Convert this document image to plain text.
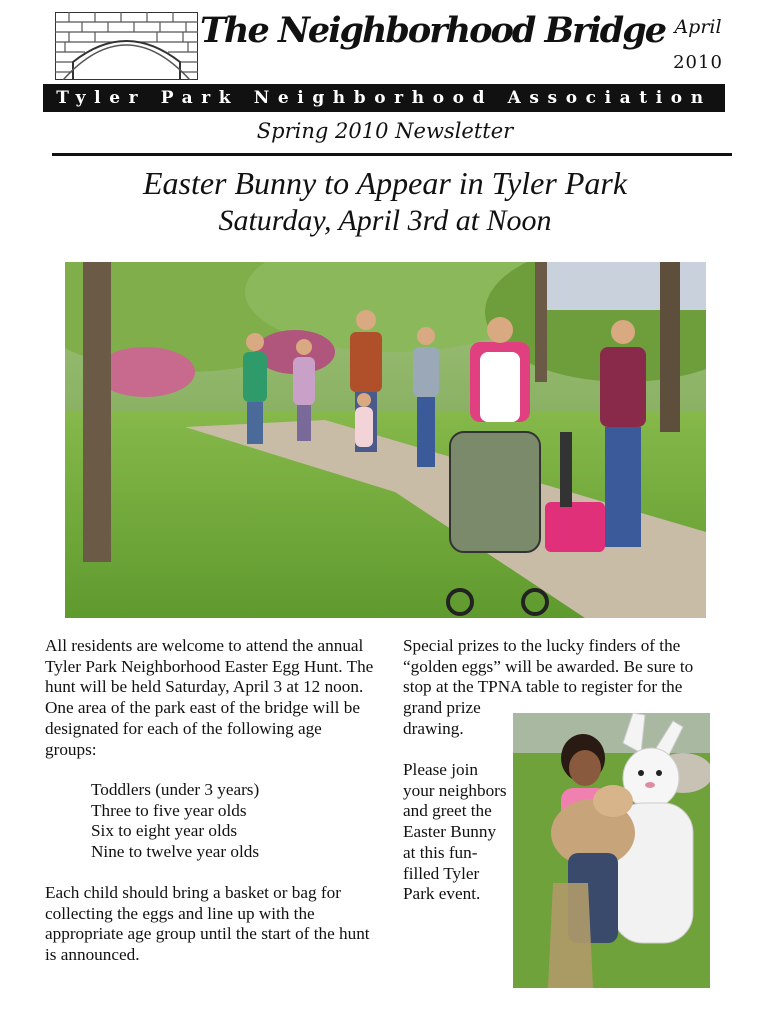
The Neighborhood Bridge April
2010
Tyler Park Neighborhood Association
Spring 2010 Newsletter
Easter Bunny to Appear in Tyler Park
Saturday, April 3rd at Noon
All residents are welcome to attend the annual Tyler Park Neighborhood Easter Egg Hunt. The hunt will be held Saturday, April 3 at 12 noon. One area of the park east of the bridge will be designated for each of the following age groups:
Toddlers (under 3 years)
Three to five year olds
Six to eight year olds
Nine to twelve year olds
Each child should bring a basket or bag for collecting the eggs and line up with the appropriate age group until the start of the hunt is announced.
Special prizes to the lucky finders of the “golden eggs” will be awarded. Be sure to stop at the TPNA table to register for the
grand prize drawing.
Please join your neighbors and greet the Easter Bunny at this fun-filled Tyler Park event.
